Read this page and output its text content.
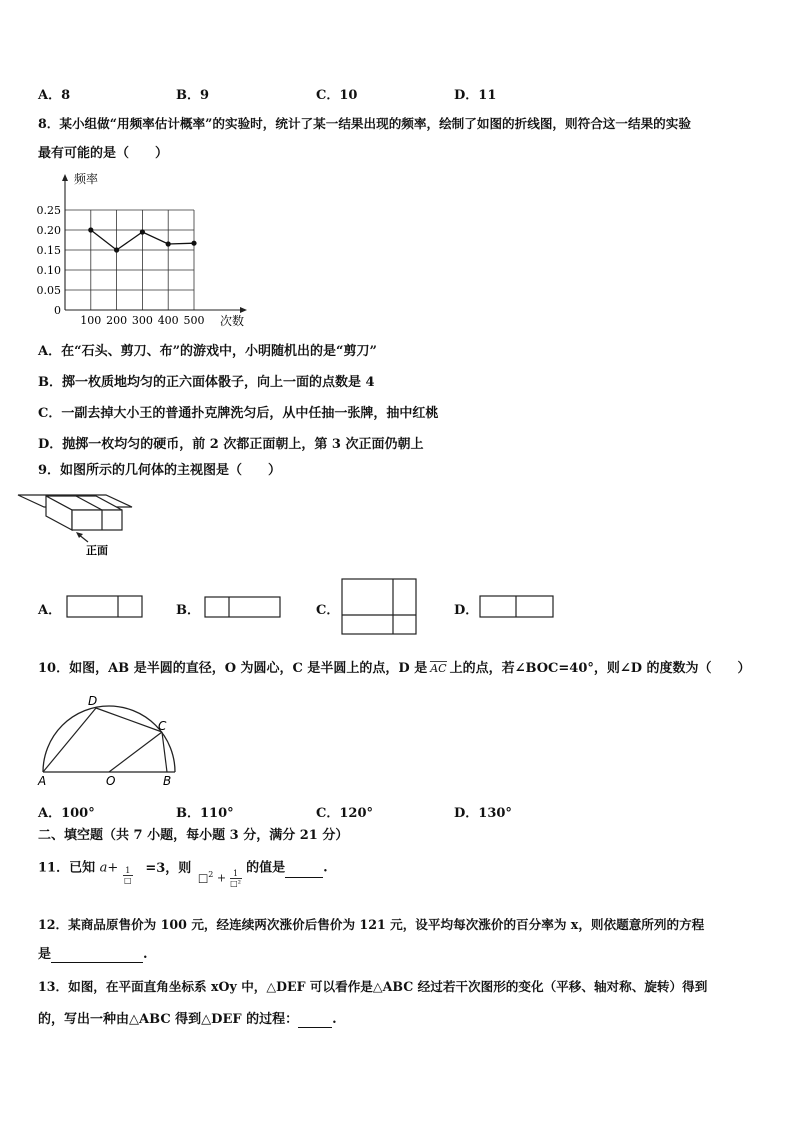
A．8	B．9	C．10	D．11
8．某小组做“用频率估计概率”的实验时，统计了某一结果出现的频率，绘制了如图的折线图，则符合这一结果的实验
最有可能的是（　　）
频率
次数
0.25
0.20
0.15
0.10
0.05
0
100 200 300 400 500
A．在“石头、剪刀、布”的游戏中，小明随机出的是“剪刀”
B．掷一枚质地均匀的正六面体骰子，向上一面的点数是 4
C．一副去掉大小王的普通扑克牌洗匀后，从中任抽一张牌，抽中红桃
D．抛掷一枚均匀的硬币，前 2 次都正面朝上，第 3 次正面仍朝上
9．如图所示的几何体的主视图是（　　）
正面
A．	B．	C．	D．
10．如图，AB 是半圆的直径，O 为圆心，C 是半圆上的点，D 是 AC 上的点，若∠BOC=40°，则∠D 的度数为（　　）
D
C
A	O	B
A．100°	B．110°	C．120°	D．130°
二、填空题（共 7 小题，每小题 3 分，满分 21 分）
11．已知 a+ 1
□
=3，则 □$^2$ + 1
□²
的值是	.
12．某商品原售价为 100 元，经连续两次涨价后售价为 121 元，设平均每次涨价的百分率为 x，则依题意所列的方程
是	.
13．如图，在平面直角坐标系 xOy 中，△DEF 可以看作是△ABC 经过若干次图形的变化（平移、轴对称、旋转）得到
的，写出一种由△ABC 得到△DEF 的过程：	.
